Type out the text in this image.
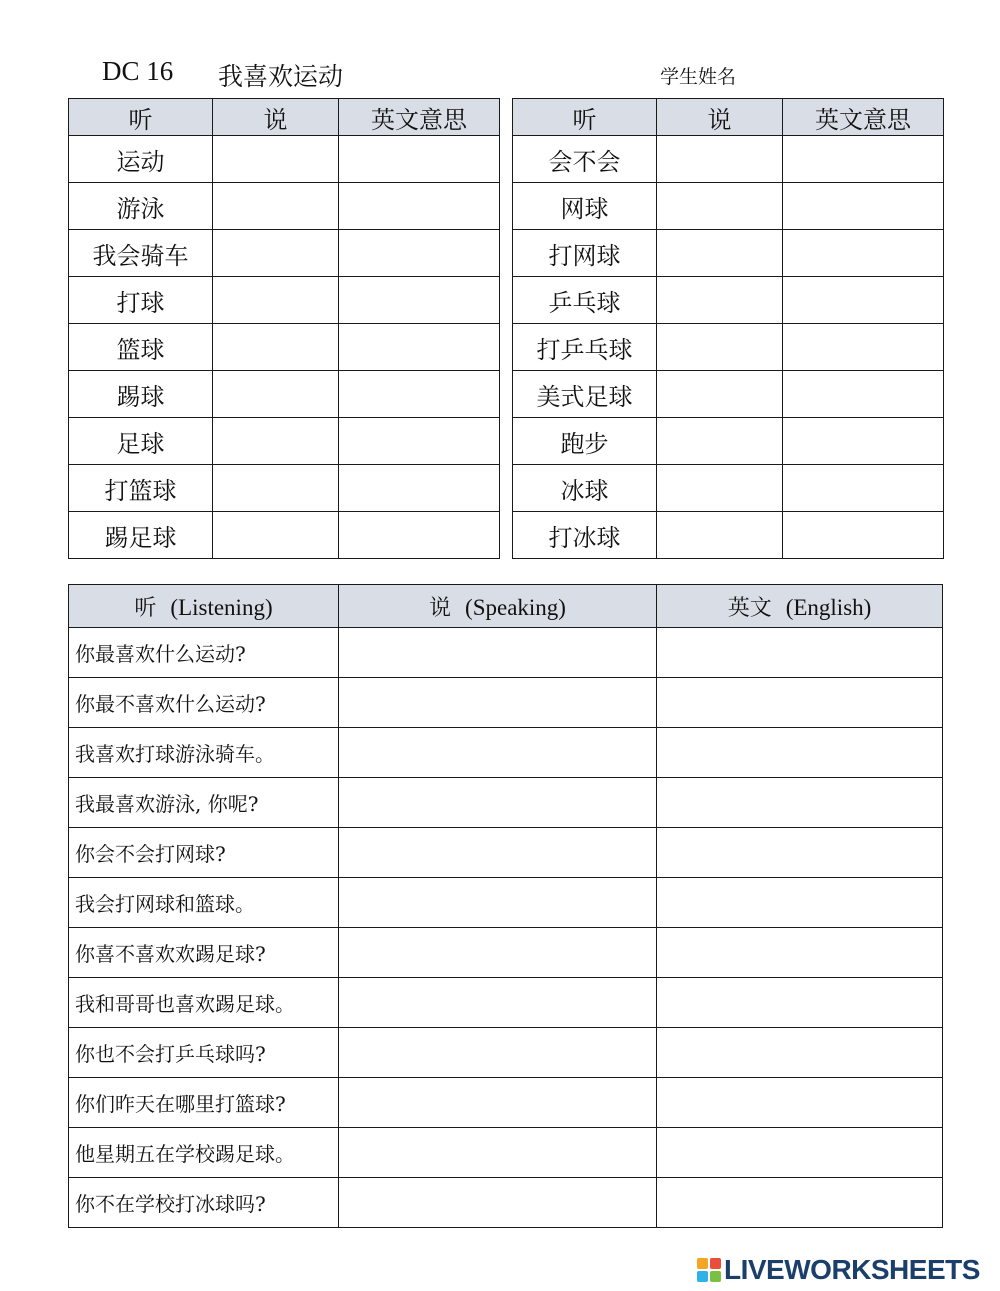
DC 16 我喜欢运动	学生姓名
听	说	英文意思
运动		
游泳		
我会骑车		
打球		
篮球		
踢球		
足球		
打篮球		
踢足球		
听	说	英文意思
会不会		
网球		
打网球		
乒乓球		
打乒乓球		
美式足球		
跑步		
冰球		
打冰球		
听 (Listening)	说 (Speaking)	英文 (English)
你最喜欢什么运动?		
你最不喜欢什么运动?		
我喜欢打球游泳骑车。		
我最喜欢游泳, 你呢?		
你会不会打网球?		
我会打网球和篮球。		
你喜不喜欢欢踢足球?		
我和哥哥也喜欢踢足球。		
你也不会打乒乓球吗?		
你们昨天在哪里打篮球?		
他星期五在学校踢足球。		
你不在学校打冰球吗?		
LIVEWORKSHEETS
